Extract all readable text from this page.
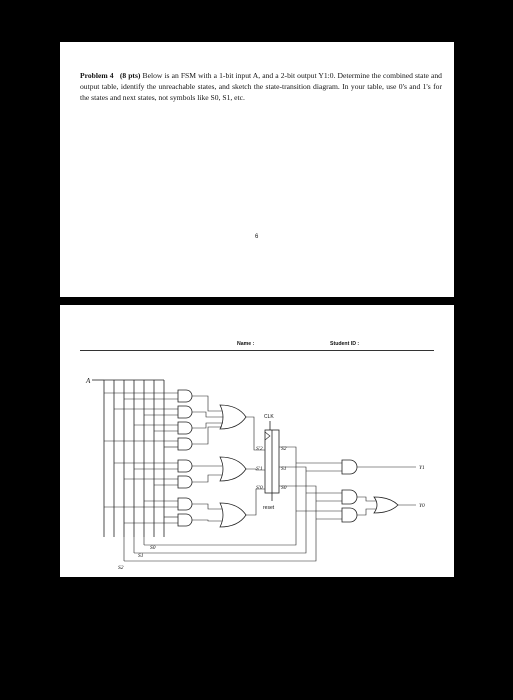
Problem 4 (8 pts) Below is an FSM with a 1-bit input A, and a 2-bit output Y1:0. Determine the combined state and output table, identify the unreachable states, and sketch the state-transition diagram. In your table, use 0's and 1's for the states and next states, not symbols like S0, S1, etc.
6
Name :	Student ID :
A
CLK
S'2
S'1
S'0
S2
S1
S0
reset
S0
S1
S2
Y1
Y0
